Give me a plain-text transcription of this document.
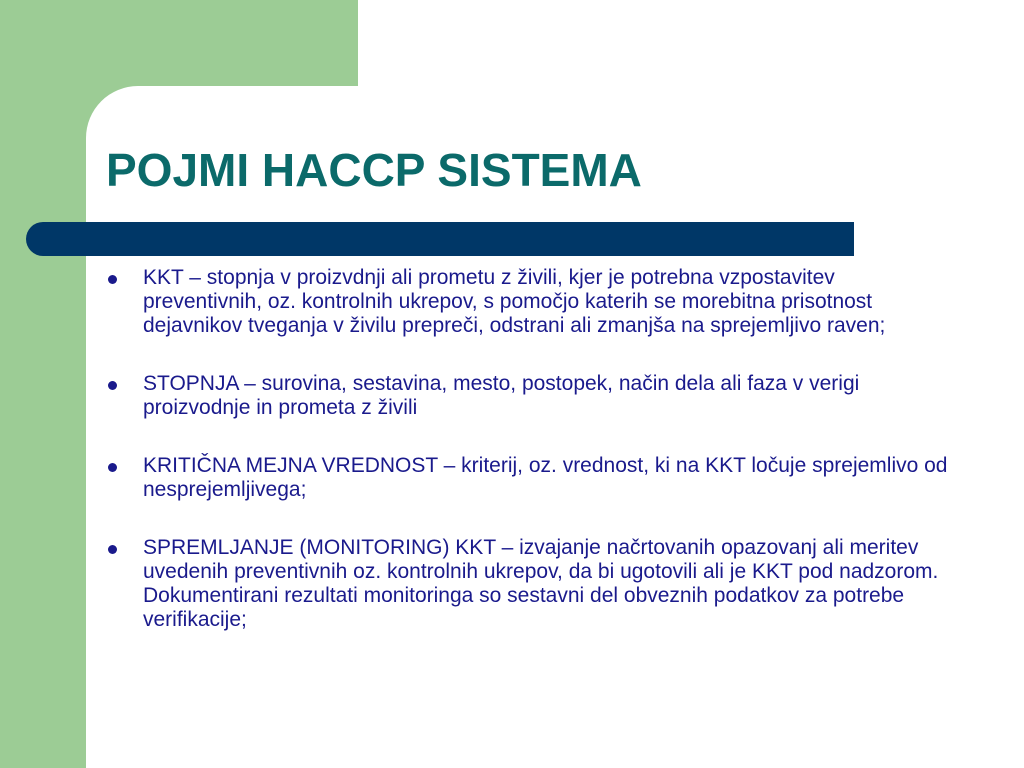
POJMI HACCP SISTEMA
KKT – stopnja v proizvdnji ali prometu z živili, kjer je potrebna vzpostavitev preventivnih, oz. kontrolnih ukrepov, s pomočjo katerih se morebitna prisotnost dejavnikov tveganja v živilu prepreči, odstrani ali zmanjša na sprejemljivo raven;
STOPNJA – surovina, sestavina, mesto, postopek, način dela ali faza v verigi proizvodnje in prometa z živili
KRITIČNA MEJNA VREDNOST – kriterij, oz. vrednost, ki na KKT ločuje sprejemlivo od nesprejemljivega;
SPREMLJANJE (MONITORING) KKT – izvajanje načrtovanih opazovanj ali meritev uvedenih preventivnih oz. kontrolnih ukrepov, da bi ugotovili ali je KKT pod nadzorom. Dokumentirani rezultati monitoringa so sestavni del obveznih podatkov za potrebe verifikacije;
